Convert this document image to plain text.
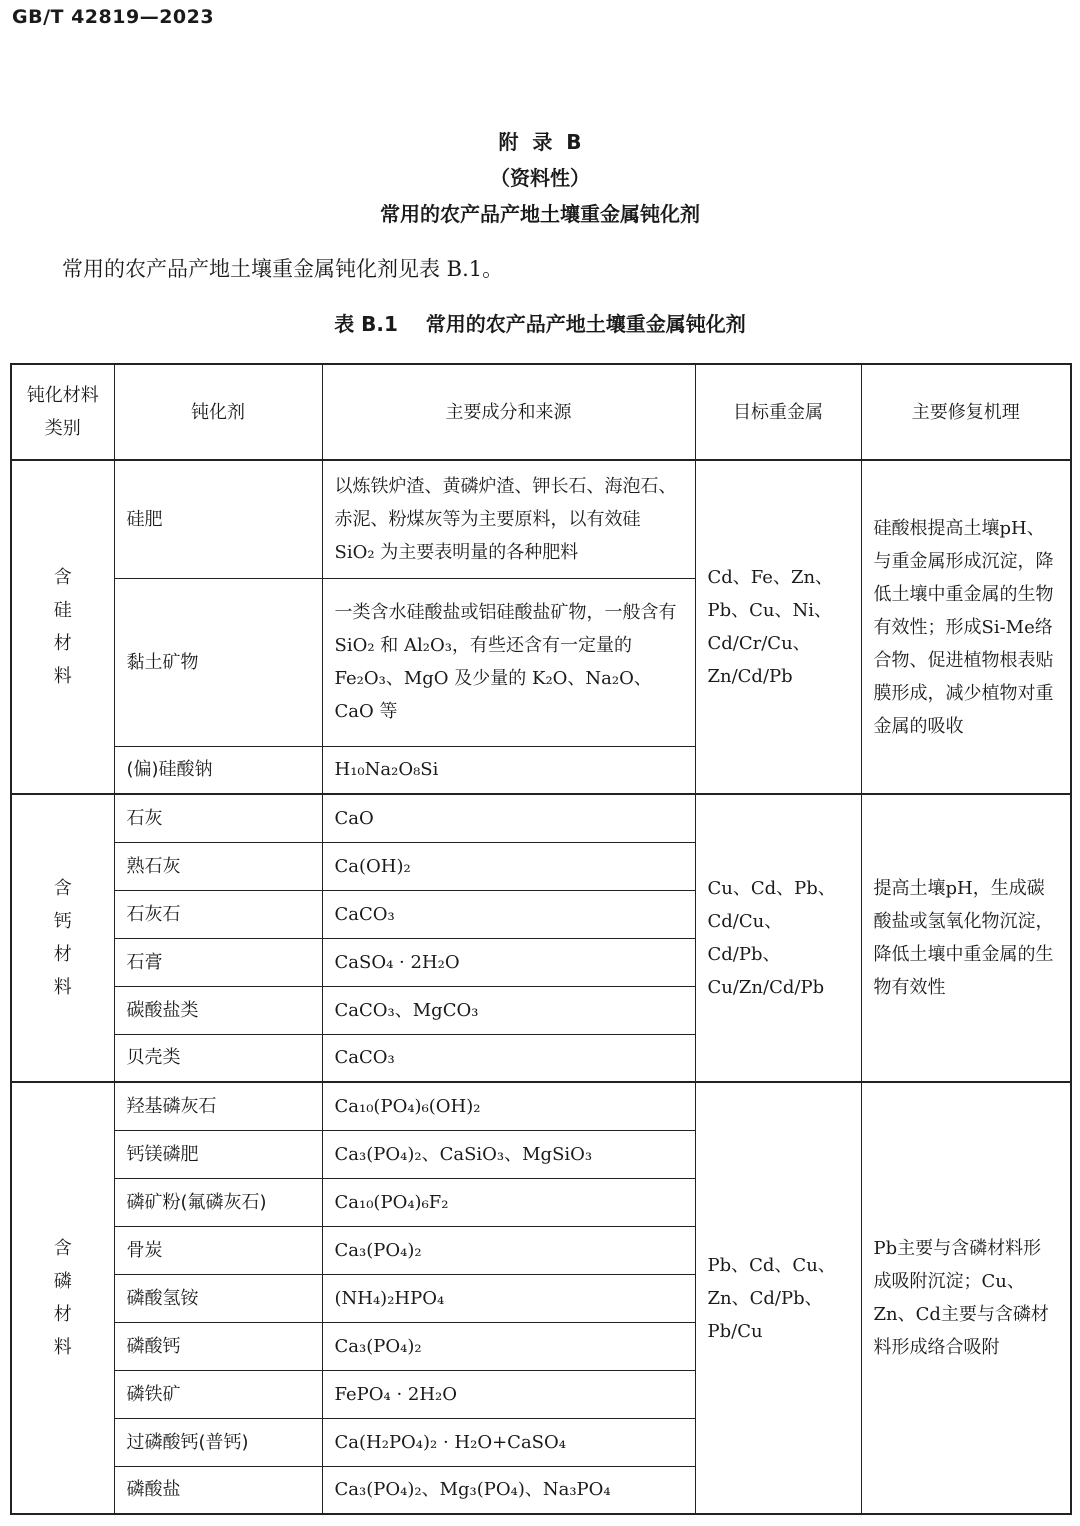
GB/T 42819—2023
附  录  B
（资料性）
常用的农产品产地土壤重金属钝化剂
常用的农产品产地土壤重金属钝化剂见表 B.1。
表 B.1    常用的农产品产地土壤重金属钝化剂
钝化材料类别	钝化剂	主要成分和来源	目标重金属	主要修复机理
含硅材料	硅肥	以炼铁炉渣、黄磷炉渣、钾长石、海泡石、赤泥、粉煤灰等为主要原料，以有效硅 SiO₂ 为主要表明量的各种肥料	Cd、Fe、Zn、Pb、Cu、Ni、Cd/Cr/Cu、Zn/Cd/Pb	硅酸根提高土壤pH、与重金属形成沉淀，降低土壤中重金属的生物有效性；形成Si-Me络合物、促进植物根表贴膜形成，减少植物对重金属的吸收
	黏土矿物	一类含水硅酸盐或铝硅酸盐矿物，一般含有 SiO₂ 和 Al₂O₃，有些还含有一定量的 Fe₂O₃、MgO 及少量的 K₂O、Na₂O、CaO 等		
	(偏)硅酸钠	H₁₀Na₂O₈Si		
含钙材料	石灰	CaO	Cu、Cd、Pb、Cd/Cu、Cd/Pb、Cu/Zn/Cd/Pb	提高土壤pH，生成碳酸盐或氢氧化物沉淀，降低土壤中重金属的生物有效性
	熟石灰	Ca(OH)₂		
	石灰石	CaCO₃		
	石膏	CaSO₄ · 2H₂O		
	碳酸盐类	CaCO₃、MgCO₃		
	贝壳类	CaCO₃		
含磷材料	羟基磷灰石	Ca₁₀(PO₄)₆(OH)₂	Pb、Cd、Cu、Zn、Cd/Pb、Pb/Cu	Pb主要与含磷材料形成吸附沉淀；Cu、Zn、Cd主要与含磷材料形成络合吸附
	钙镁磷肥	Ca₃(PO₄)₂、CaSiO₃、MgSiO₃		
	磷矿粉(氟磷灰石)	Ca₁₀(PO₄)₆F₂		
	骨炭	Ca₃(PO₄)₂		
	磷酸氢铵	(NH₄)₂HPO₄		
	磷酸钙	Ca₃(PO₄)₂		
	磷铁矿	FePO₄ · 2H₂O		
	过磷酸钙(普钙)	Ca(H₂PO₄)₂ · H₂O+CaSO₄		
	磷酸盐	Ca₃(PO₄)₂、Mg₃(PO₄)、Na₃PO₄		
